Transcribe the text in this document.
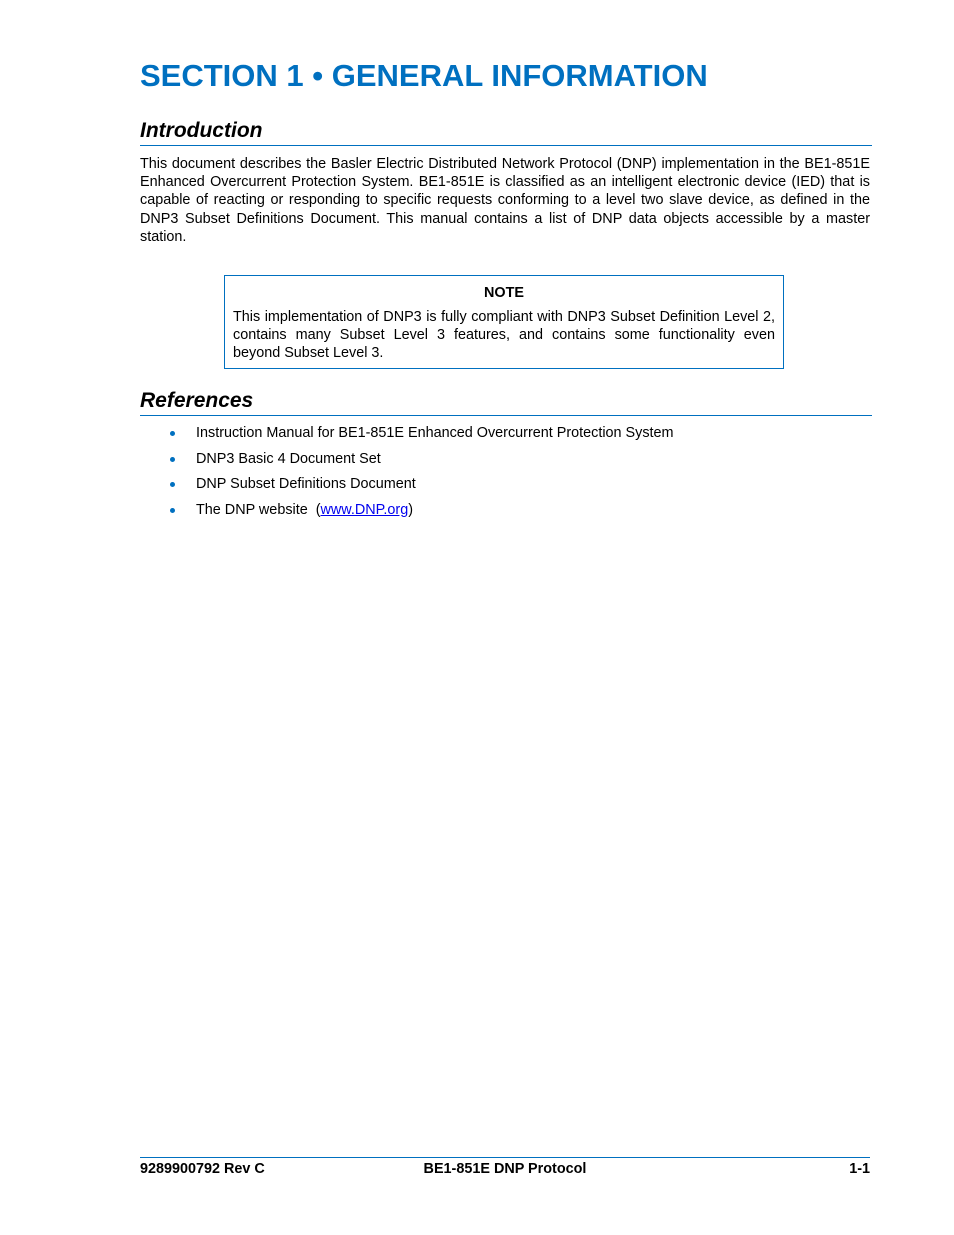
SECTION 1 • GENERAL INFORMATION
Introduction

This document describes the Basler Electric Distributed Network Protocol (DNP) implementation in the BE1-851E Enhanced Overcurrent Protection System. BE1-851E is classified as an intelligent electronic device (IED) that is capable of reacting or responding to specific requests conforming to a level two slave device, as defined in the DNP3 Subset Definitions Document. This manual contains a list of DNP data objects accessible by a master station.

NOTE

This implementation of DNP3 is fully compliant with DNP3 Subset Definition Level 2, contains many Subset Level 3 features, and contains some functionality even beyond Subset Level 3.

References
Instruction Manual for BE1-851E Enhanced Overcurrent Protection System
DNP3 Basic 4 Document Set
DNP Subset Definitions Document
The DNP website  (www.DNP.org)
9289900792 Rev C	BE1-851E DNP Protocol	1-1
